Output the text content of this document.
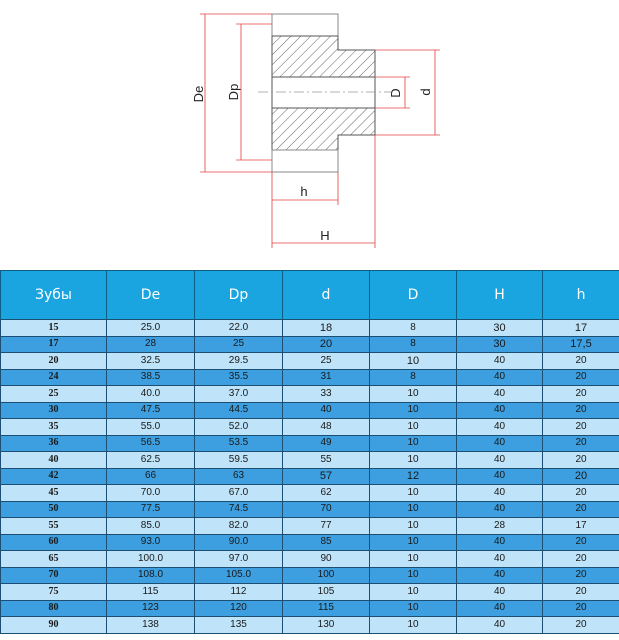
De Dp	D d
h
H
Зубы	De	Dp	d	D	H	h
15	25.0	22.0	18	8	30	17
17	28	25	20	8	30	17,5
20	32.5	29.5	25	10	40	20
24	38.5	35.5	31	8	40	20
25	40.0	37.0	33	10	40	20
30	47.5	44.5	40	10	40	20
35	55.0	52.0	48	10	40	20
36	56.5	53.5	49	10	40	20
40	62.5	59.5	55	10	40	20
42	66	63	57	12	40	20
45	70.0	67.0	62	10	40	20
50	77.5	74.5	70	10	40	20
55	85.0	82.0	77	10	28	17
60	93.0	90.0	85	10	40	20
65	100.0	97.0	90	10	40	20
70	108.0	105.0	100	10	40	20
75	115	112	105	10	40	20
80	123	120	115	10	40	20
90	138	135	130	10	40	20
